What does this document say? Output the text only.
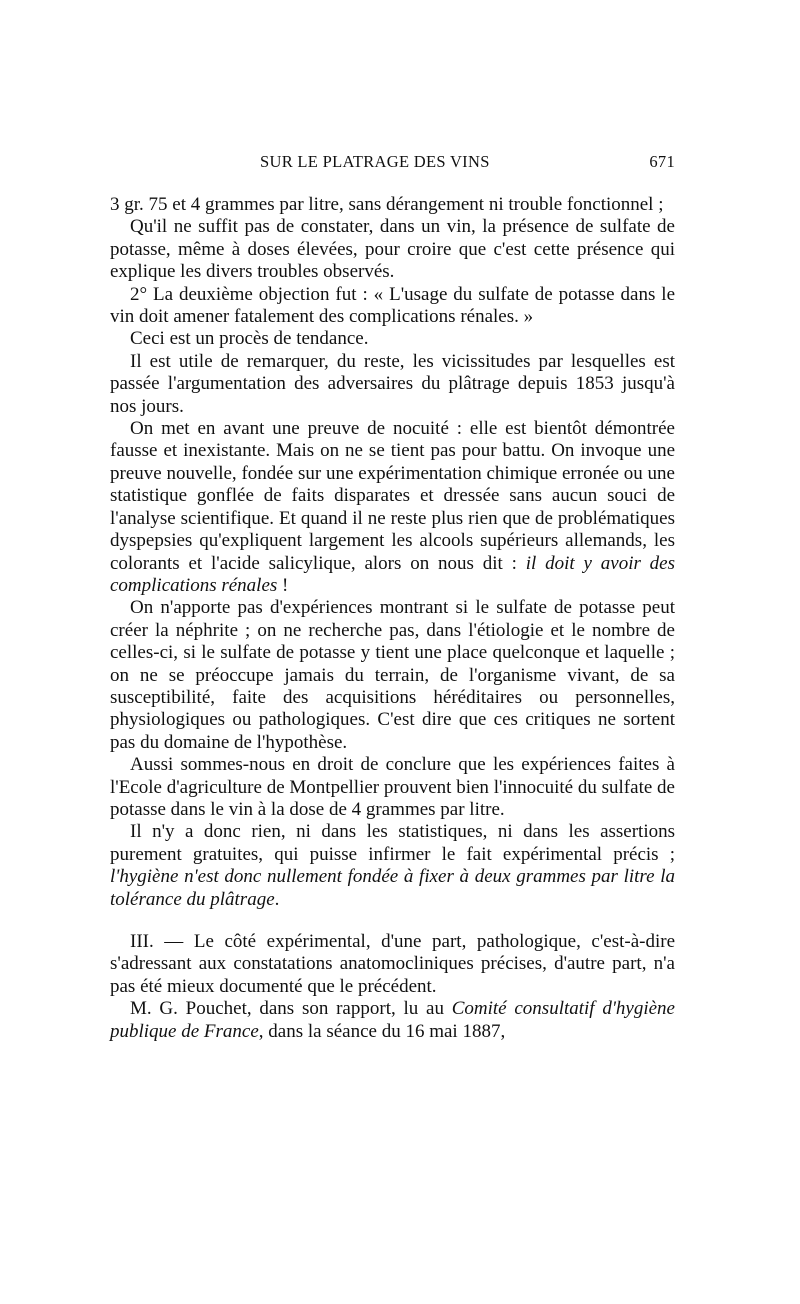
SUR LE PLATRAGE DES VINS	671

3 gr. 75 et 4 grammes par litre, sans dérangement ni trouble fonctionnel ;

Qu'il ne suffit pas de constater, dans un vin, la présence de sulfate de potasse, même à doses élevées, pour croire que c'est cette présence qui explique les divers troubles observés.

2° La deuxième objection fut : « L'usage du sulfate de potasse dans le vin doit amener fatalement des complications rénales. »

Ceci est un procès de tendance.

Il est utile de remarquer, du reste, les vicissitudes par lesquelles est passée l'argumentation des adversaires du plâtrage depuis 1853 jusqu'à nos jours.

On met en avant une preuve de nocuité : elle est bientôt démontrée fausse et inexistante. Mais on ne se tient pas pour battu. On invoque une preuve nouvelle, fondée sur une expérimentation chimique erronée ou une statistique gonflée de faits disparates et dressée sans aucun souci de l'analyse scientifique. Et quand il ne reste plus rien que de problématiques dyspepsies qu'expliquent largement les alcools supérieurs allemands, les colorants et l'acide salicylique, alors on nous dit : il doit y avoir des complications rénales !

On n'apporte pas d'expériences montrant si le sulfate de potasse peut créer la néphrite ; on ne recherche pas, dans l'étiologie et le nombre de celles-ci, si le sulfate de potasse y tient une place quelconque et laquelle ; on ne se préoccupe jamais du terrain, de l'organisme vivant, de sa susceptibilité, faite des acquisitions héréditaires ou personnelles, physiologiques ou pathologiques. C'est dire que ces critiques ne sortent pas du domaine de l'hypothèse.

Aussi sommes-nous en droit de conclure que les expériences faites à l'Ecole d'agriculture de Montpellier prouvent bien l'innocuité du sulfate de potasse dans le vin à la dose de 4 grammes par litre.

Il n'y a donc rien, ni dans les statistiques, ni dans les assertions purement gratuites, qui puisse infirmer le fait expérimental précis ; l'hygiène n'est donc nullement fondée à fixer à deux grammes par litre la tolérance du plâtrage.

III. — Le côté expérimental, d'une part, pathologique, c'est-à-dire s'adressant aux constatations anatomocliniques précises, d'autre part, n'a pas été mieux documenté que le précédent.

M. G. Pouchet, dans son rapport, lu au Comité consultatif d'hygiène publique de France, dans la séance du 16 mai 1887,
